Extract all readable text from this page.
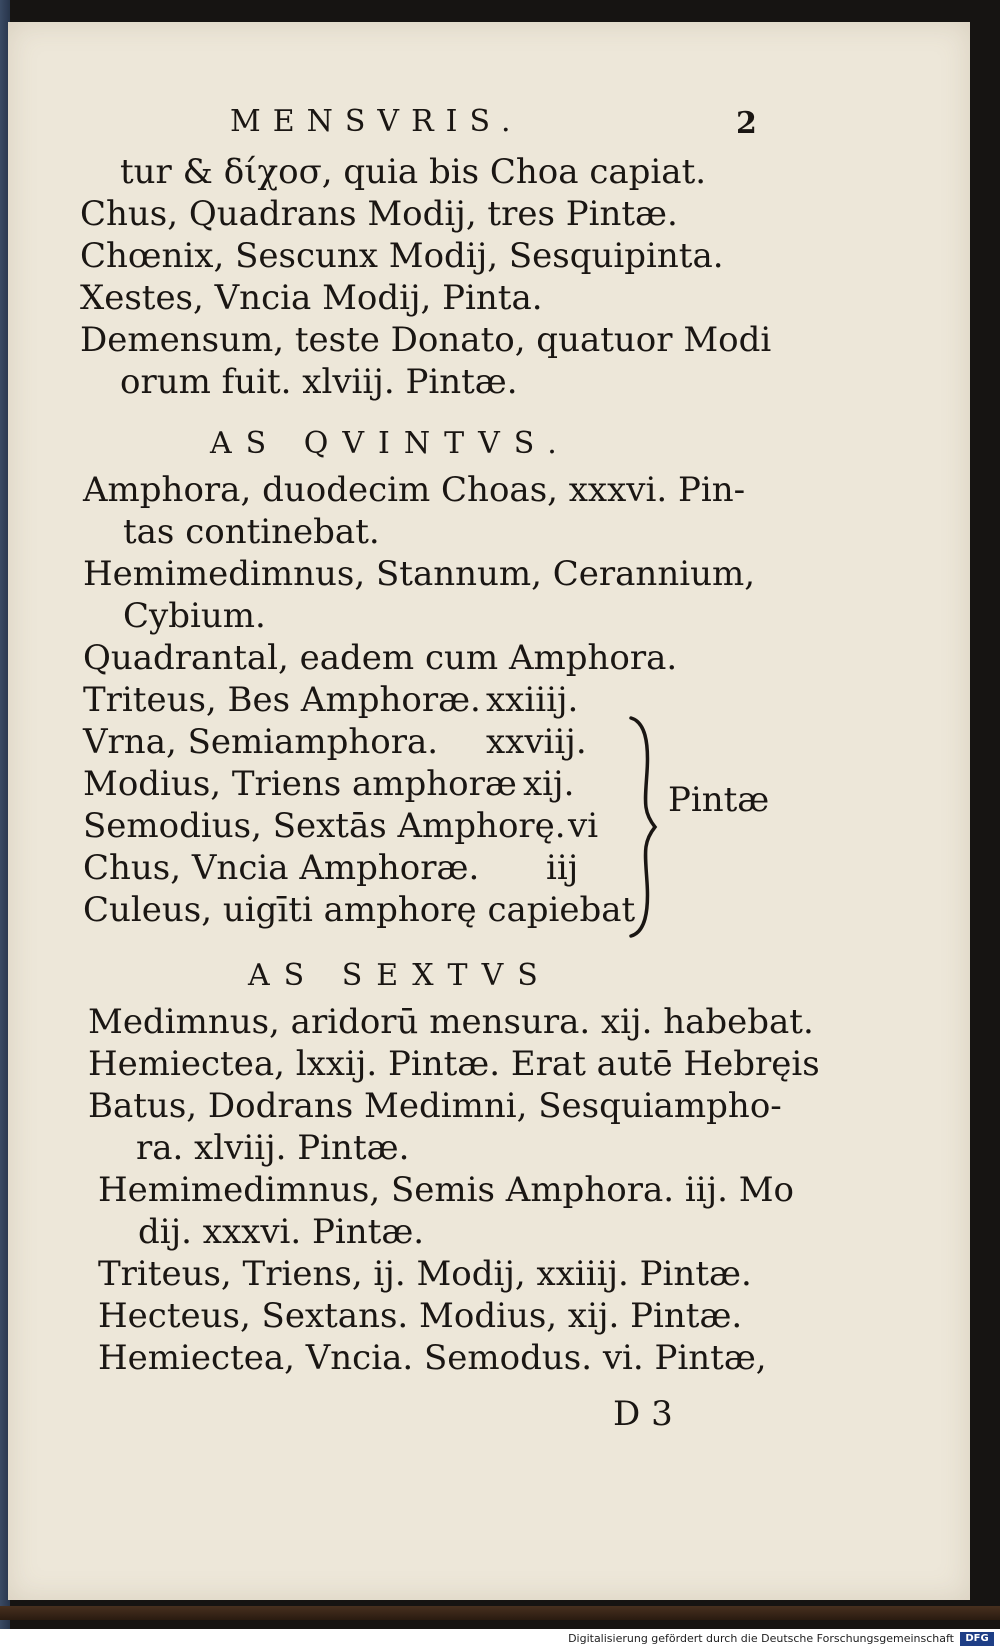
MENSVRIS.	2
tur & δίχοσ, quia bis Choa capiat.
Chus, Quadrans Modij, tres Pintæ.
Chœnix, Sescunx Modij, Sesquipinta.
Xestes, Vncia Modij, Pinta.
Demensum, teste Donato, quatuor Modi
orum fuit. xlviij. Pintæ.
AS QVINTVS.
Amphora, duodecim Choas, xxxvi. Pin-
tas continebat.
Hemimedimnus, Stannum, Cerannium,
Cybium.
Quadrantal, eadem cum Amphora.
Triteus, Bes Amphoræ. xxiiij.
Vrna, Semiamphora. xxviij.
Modius, Triens amphoræ xij.
Semodius, Sextās Amphorę. vi
Chus, Vncia Amphoræ. iij
Culeus, uigīti amphorę capiebat
Pintæ
AS SEXTVS
Medimnus, aridorū mensura. xij. habebat.
Hemiectea, lxxij. Pintæ. Erat autē Hebręis
Batus, Dodrans Medimni, Sesquiampho-
ra. xlviij. Pintæ.
Hemimedimnus, Semis Amphora. iij. Mo
dij. xxxvi. Pintæ.
Triteus, Triens, ij. Modij, xxiiij. Pintæ.
Hecteus, Sextans. Modius, xij. Pintæ.
Hemiectea, Vncia. Semodus. vi. Pintæ,
D 3
Digitalisierung gefördert durch die Deutsche Forschungsgemeinschaft	DFG
